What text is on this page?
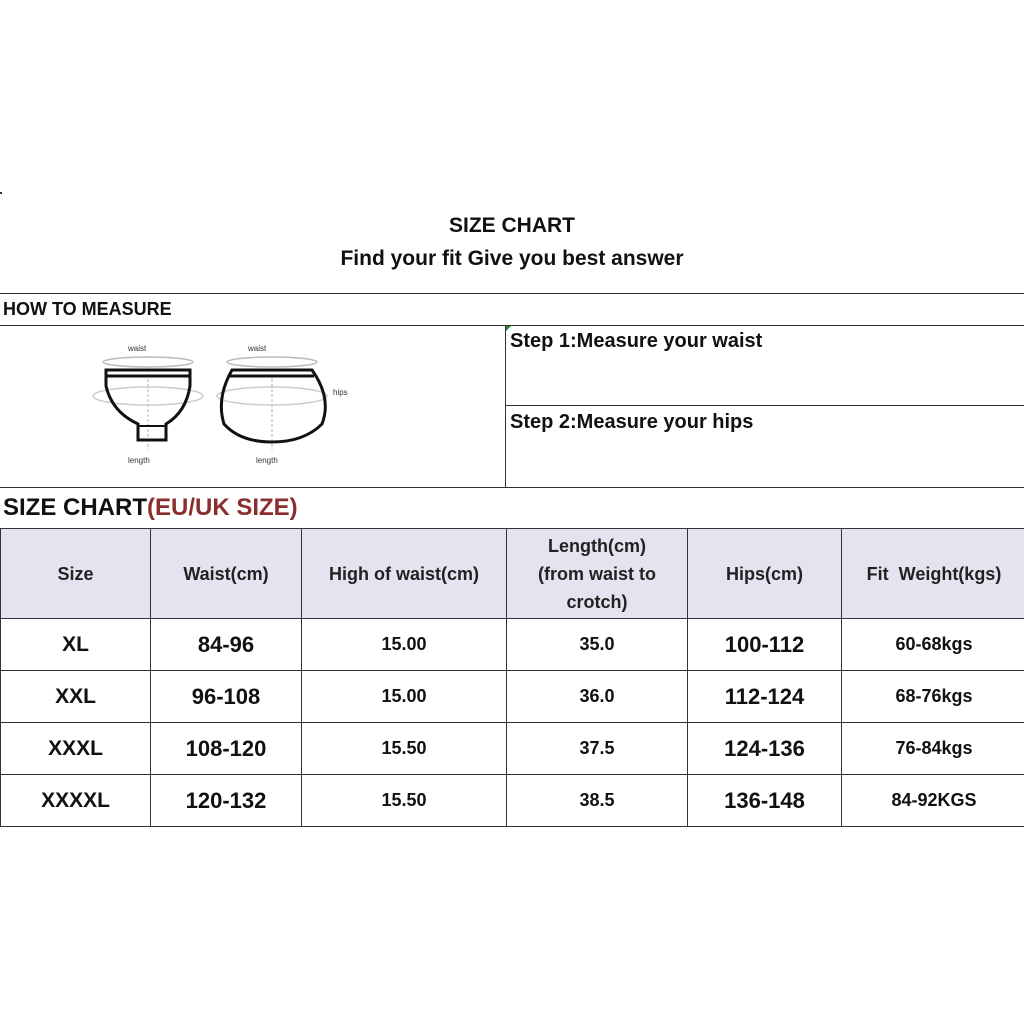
SIZE CHART
Find your fit Give you best answer
HOW TO MEASURE
waist
length
waist
hips
length
Step 1:Measure your waist
Step 2:Measure your hips
SIZE CHART(EU/UK SIZE)
Size	Waist(cm)	High of waist(cm)	Length(cm)
(from waist to
crotch)	Hips(cm)	Fit  Weight(kgs)
XL	84-96	15.00	35.0	100-112	60-68kgs
XXL	96-108	15.00	36.0	112-124	68-76kgs
XXXL	108-120	15.50	37.5	124-136	76-84kgs
XXXXL	120-132	15.50	38.5	136-148	84-92KGS
